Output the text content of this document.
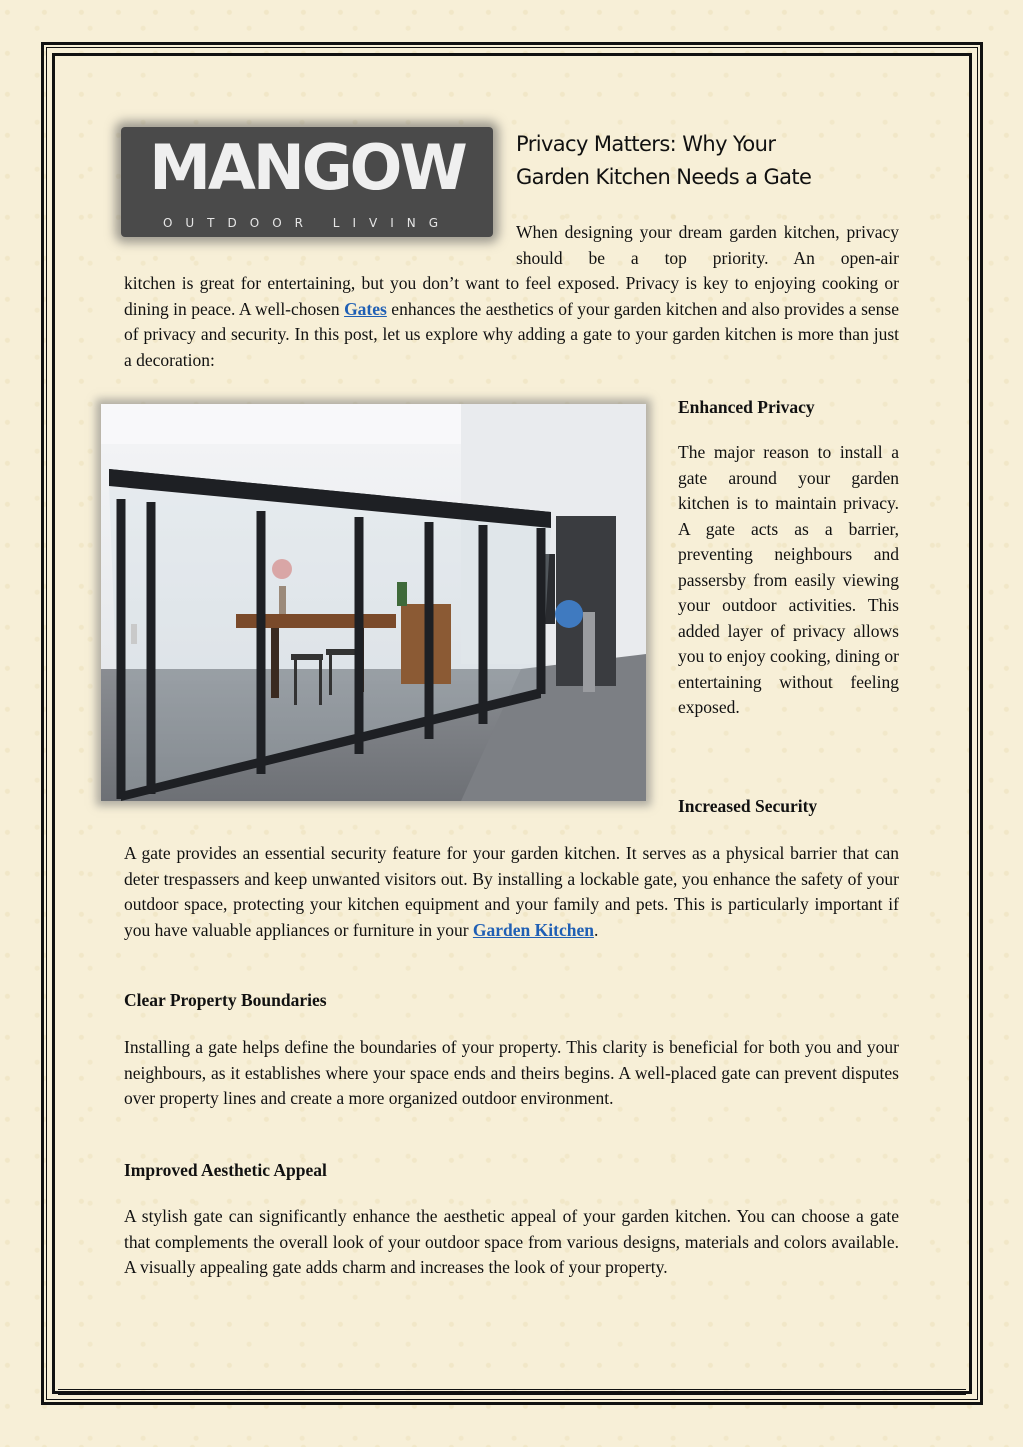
MANGOW
OUTDOOR LIVING
Privacy Matters: Why Your
Garden Kitchen Needs a Gate

When designing your dream garden kitchen, privacy should be a top priority. An open-air

kitchen is great for entertaining, but you don’t want to feel exposed. Privacy is key to enjoying cooking or dining in peace. A well-chosen Gates enhances the aesthetics of your garden kitchen and also provides a sense of privacy and security. In this post, let us explore why adding a gate to your garden kitchen is more than just a decoration:

Enhanced Privacy

The major reason to install a gate around your garden kitchen is to maintain privacy. A gate acts as a barrier, preventing neighbours and passersby from easily viewing your outdoor activities. This added layer of privacy allows you to enjoy cooking, dining or entertaining without feeling exposed.

Increased Security

A gate provides an essential security feature for your garden kitchen. It serves as a physical barrier that can deter trespassers and keep unwanted visitors out. By installing a lockable gate, you enhance the safety of your outdoor space, protecting your kitchen equipment and your family and pets. This is particularly important if you have valuable appliances or furniture in your Garden Kitchen.

Clear Property Boundaries

Installing a gate helps define the boundaries of your property. This clarity is beneficial for both you and your neighbours, as it establishes where your space ends and theirs begins. A well-placed gate can prevent disputes over property lines and create a more organized outdoor environment.

Improved Aesthetic Appeal

A stylish gate can significantly enhance the aesthetic appeal of your garden kitchen. You can choose a gate that complements the overall look of your outdoor space from various designs, materials and colors available. A visually appealing gate adds charm and increases the look of your property.
